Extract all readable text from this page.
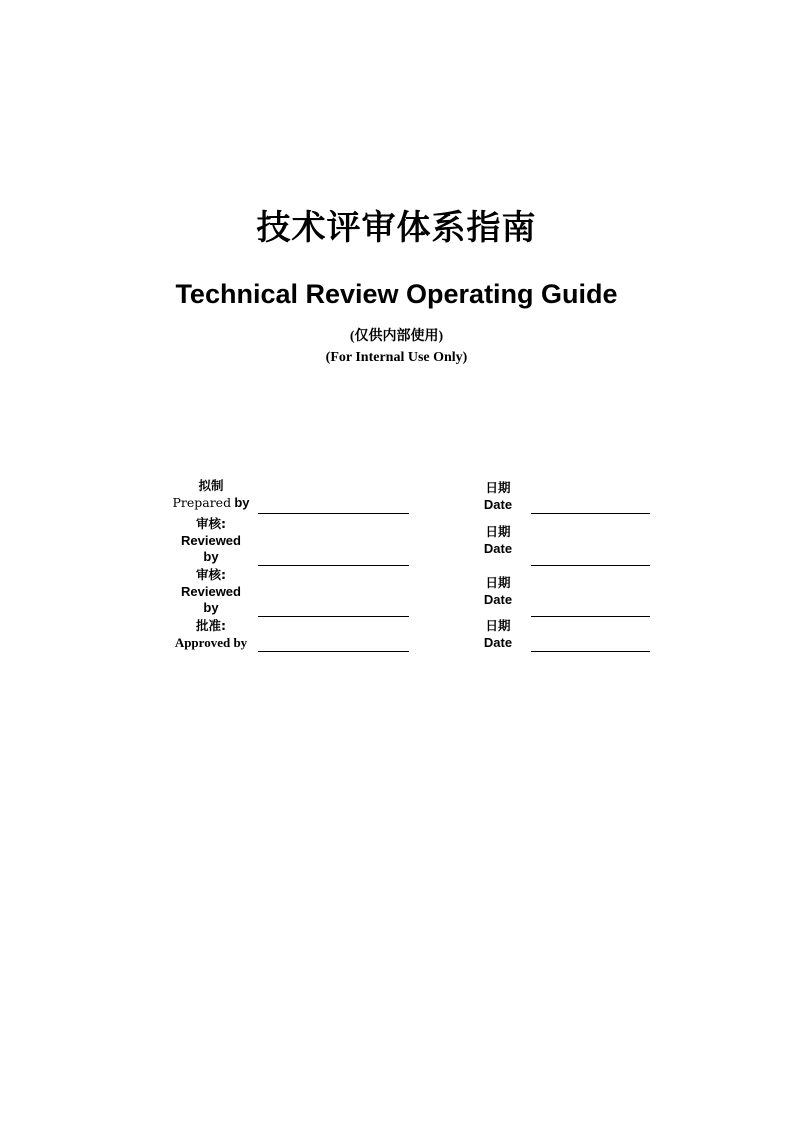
技术评审体系指南
Technical Review Operating Guide
(仅供内部使用)
(For Internal Use Only)
拟制
Prepared by
日期
Date
审核:
Reviewed
by
日期
Date
审核:
Reviewed
by
日期
Date
批准:
Approved by
日期
Date
